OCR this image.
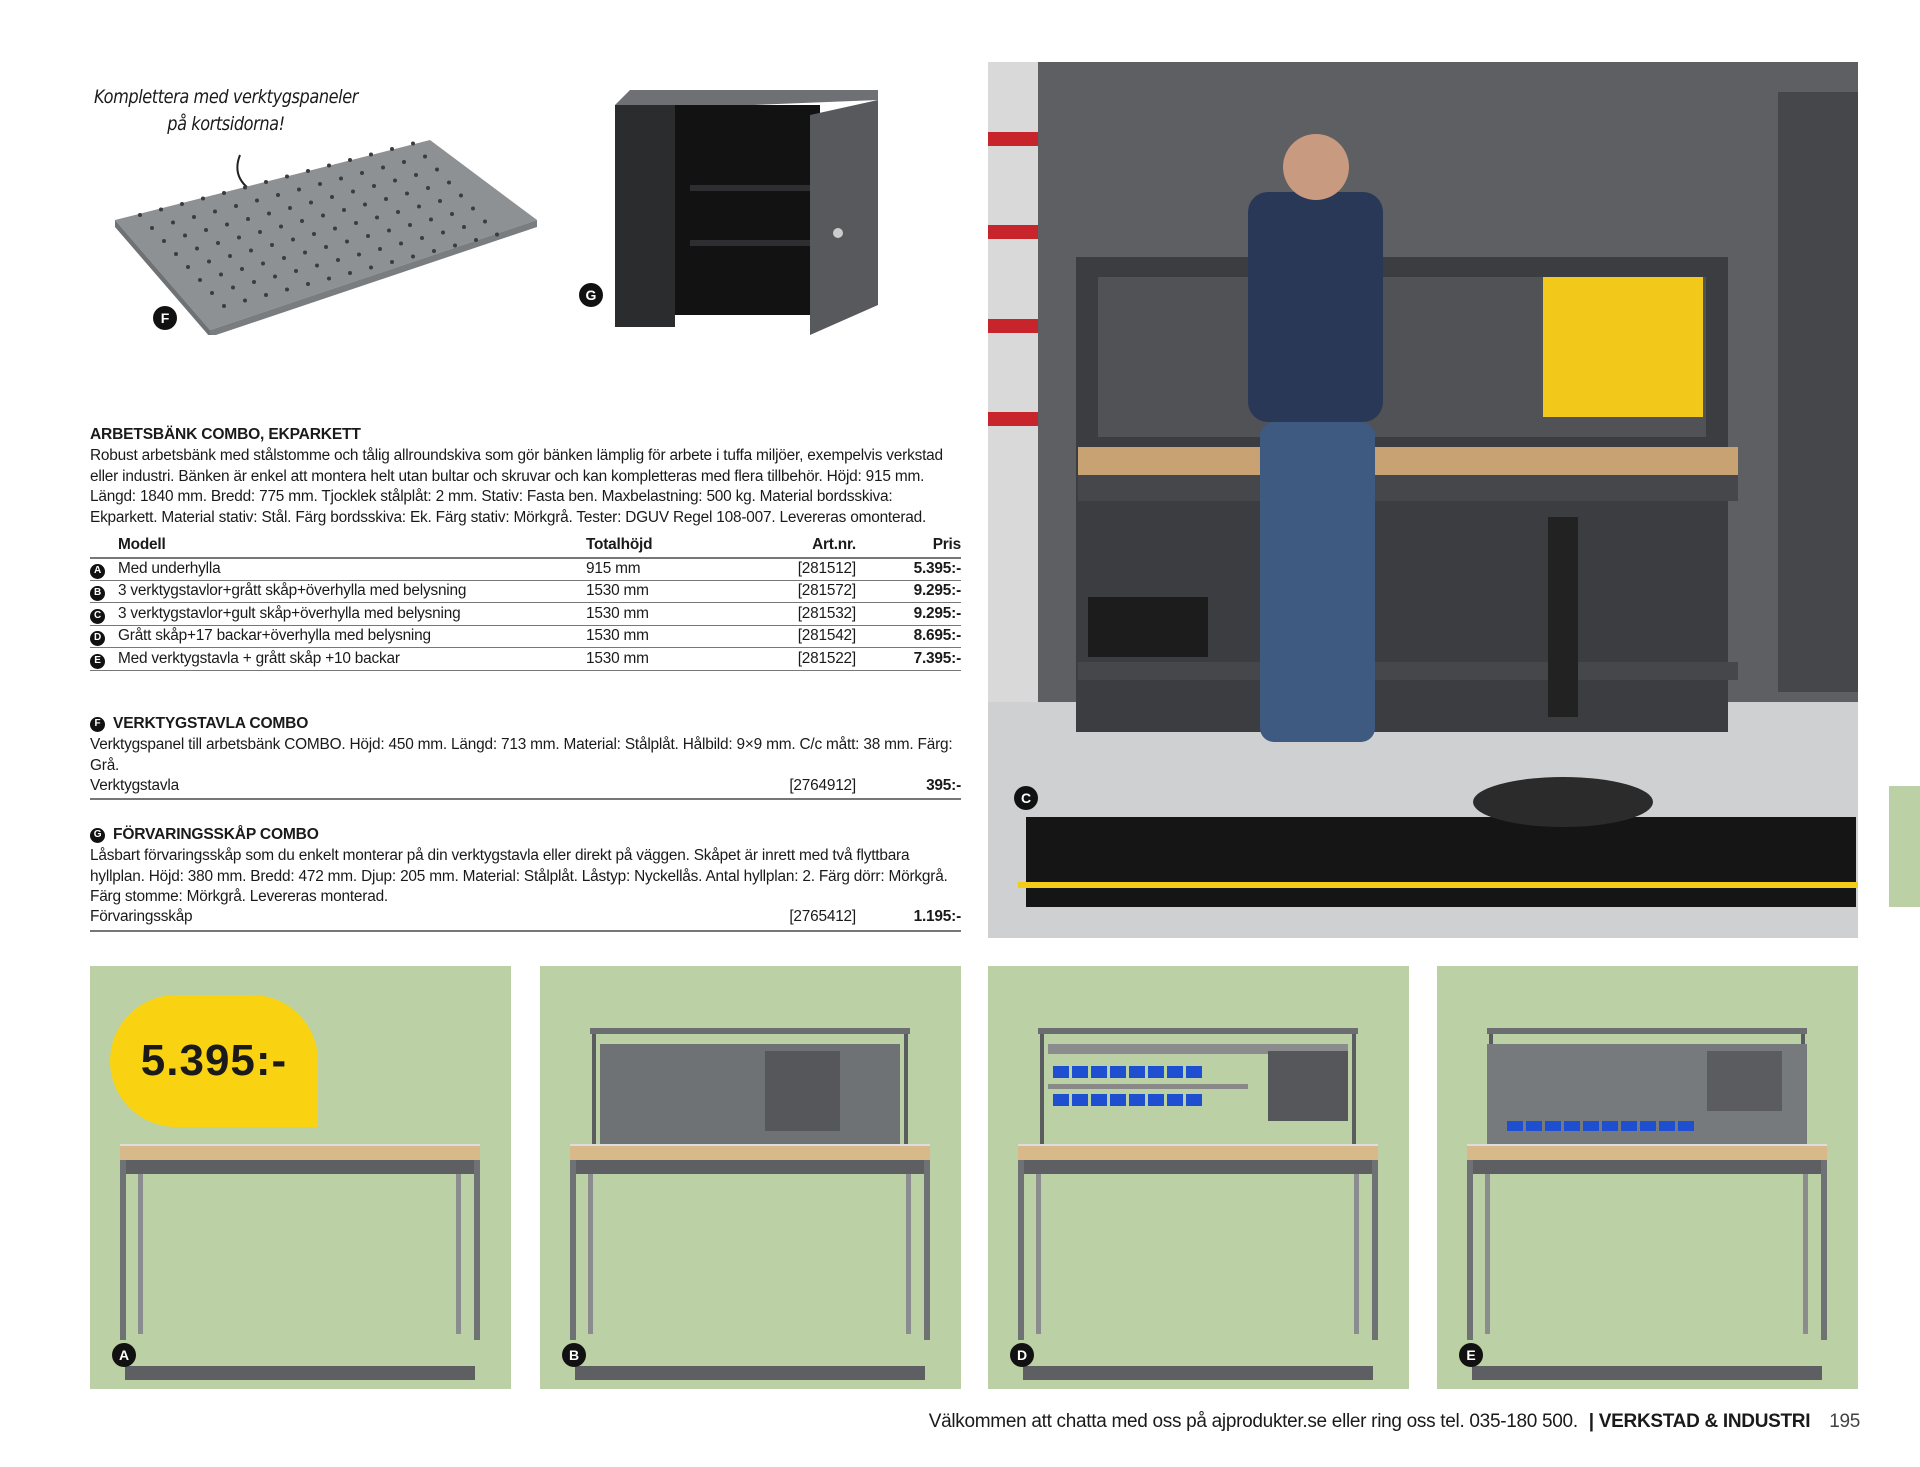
Komplettera med verktygspaneler
på kortsidorna!
F
G
C
ARBETSBÄNK COMBO, EKPARKETT
Robust arbetsbänk med stålstomme och tålig allroundskiva som gör bänken lämplig för arbete i tuffa miljöer, exempelvis verkstad eller industri. Bänken är enkel att montera helt utan bultar och skruvar och kan kompletteras med flera tillbehör. Höjd: 915 mm. Längd: 1840 mm. Bredd: 775 mm. Tjocklek stålplåt: 2 mm. Stativ: Fasta ben. Maxbelastning: 500 kg. Material bordsskiva: Ekparkett. Material stativ: Stål. Färg bordsskiva: Ek. Färg stativ: Mörkgrå. Tester: DGUV Regel 108-007. Levereras omonterad.
	Modell	Totalhöjd	Art.nr.	Pris
A	Med underhylla	915 mm	[281512]	5.395:-
B	3 verktygstavlor+grått skåp+överhylla med belysning	1530 mm	[281572]	9.295:-
C	3 verktygstavlor+gult skåp+överhylla med belysning	1530 mm	[281532]	9.295:-
D	Grått skåp+17 backar+överhylla med belysning	1530 mm	[281542]	8.695:-
E	Med verktygstavla + grått skåp +10 backar	1530 mm	[281522]	7.395:-
F VERKTYGSTAVLA COMBO
Verktygspanel till arbetsbänk COMBO. Höjd: 450 mm. Längd: 713 mm. Material: Stålplåt. Hålbild: 9×9 mm. C/c mått: 38 mm. Färg: Grå.
Verktygstavla	[2764912]	395:-
G FÖRVARINGSSKÅP COMBO
Låsbart förvaringsskåp som du enkelt monterar på din verktygstavla eller direkt på väggen. Skåpet är inrett med två flyttbara hyllplan. Höjd: 380 mm. Bredd: 472 mm. Djup: 205 mm. Material: Stålplåt. Låstyp: Nyckellås. Antal hyllplan: 2. Färg dörr: Mörkgrå. Färg stomme: Mörkgrå. Levereras monterad.
Förvaringsskåp	[2765412]	1.195:-
A
5.395:-
B	D	E
Välkommen att chatta med oss på ajprodukter.se eller ring oss tel. 035-180 500. | VERKSTAD & INDUSTRI 195
